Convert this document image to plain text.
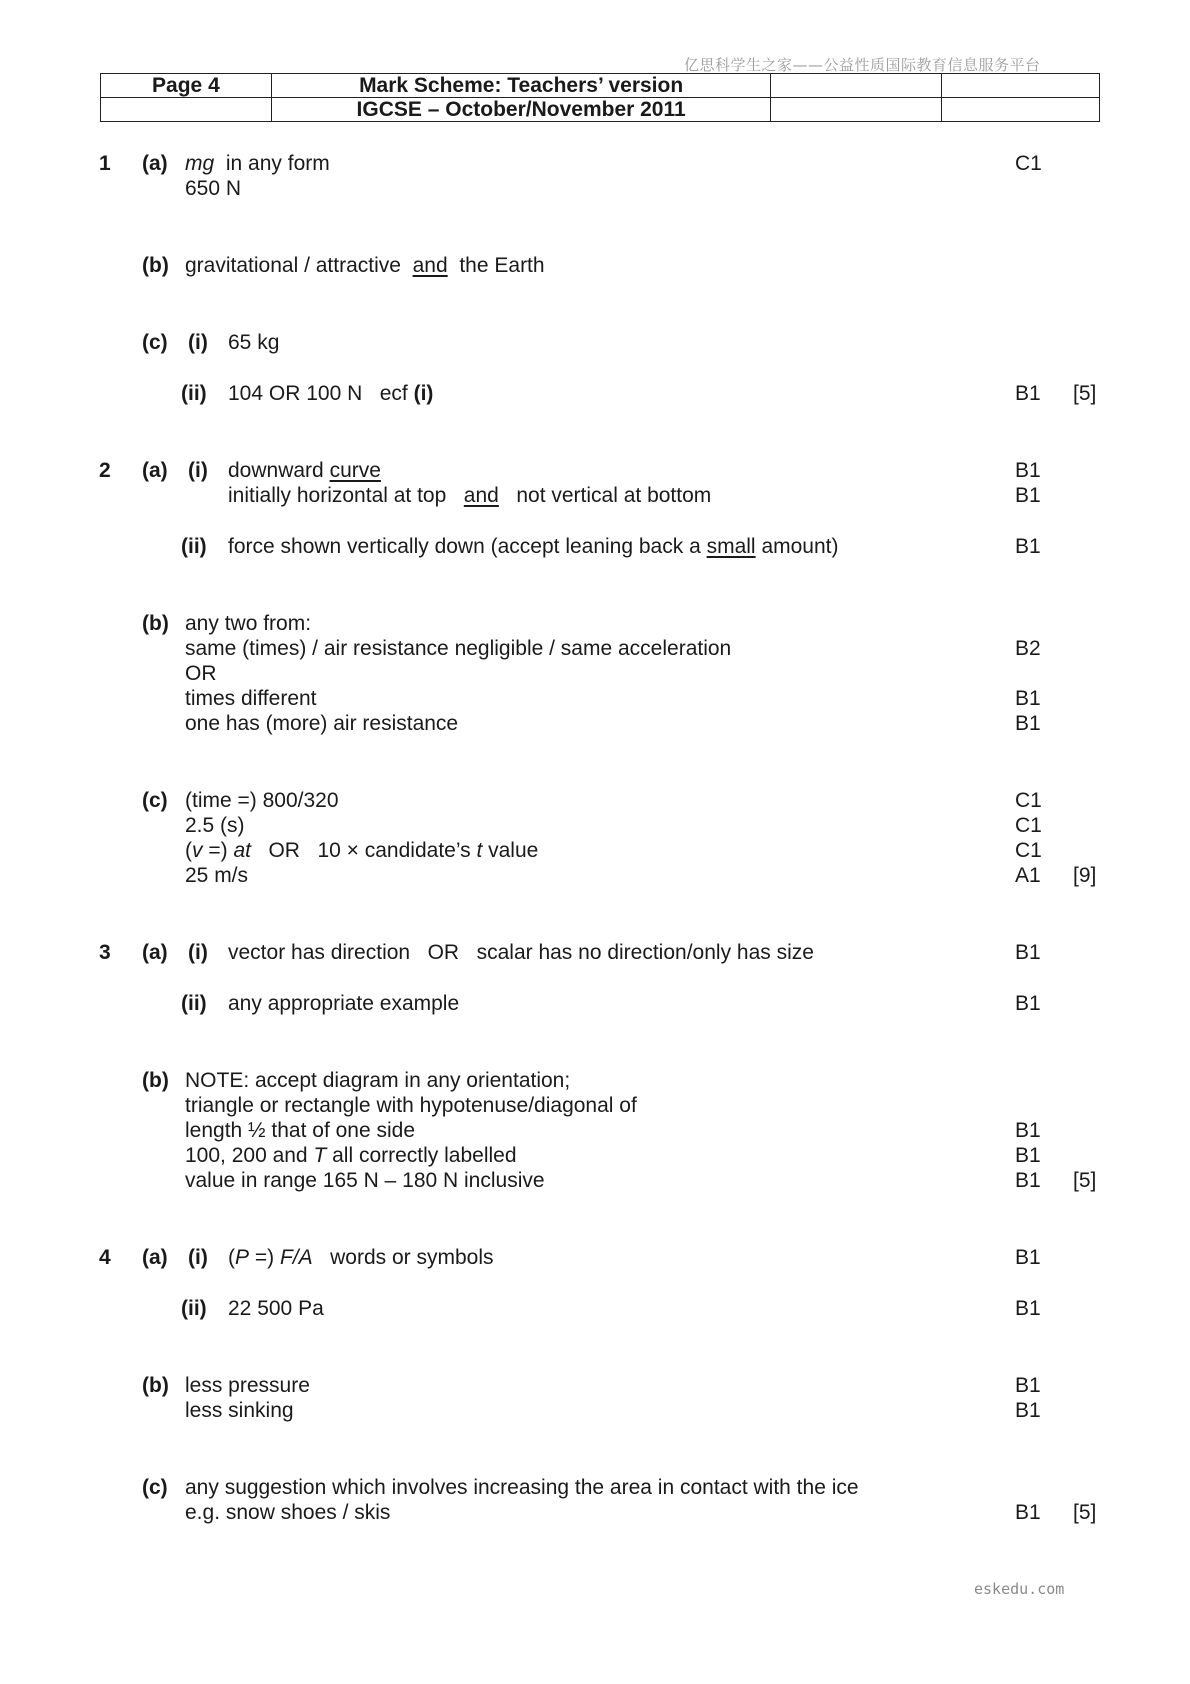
亿思科学生之家——公益性质国际教育信息服务平台
Page 4	Mark Scheme: Teachers’ version		
	IGCSE – October/November 2011		
1 (a) mg in any form	C1
650 N
(b) gravitational / attractive  and  the Earth
(c) (i) 65 kg
(ii) 104 OR 100 N   ecf (i)	B1 [5]
2 (a) (i) downward curve	B1
initially horizontal at top   and   not vertical at bottom	B1
(ii) force shown vertically down (accept leaning back a small amount)	B1
(b) any two from:
same (times) / air resistance negligible / same acceleration	B2
OR
times different	B1
one has (more) air resistance	B1
(c) (time =) 800/320	C1
2.5 (s)	C1
(v =) at   OR   10 × candidate’s t value	C1
25 m/s	A1 [9]
3 (a) (i) vector has direction   OR   scalar has no direction/only has size	B1
(ii) any appropriate example	B1
(b) NOTE: accept diagram in any orientation;
triangle or rectangle with hypotenuse/diagonal of
length ½ that of one side	B1
100, 200 and T all correctly labelled	B1
value in range 165 N – 180 N inclusive	B1 [5]
4 (a) (i) (P =) F/A   words or symbols	B1
(ii) 22 500 Pa	B1
(b) less pressure	B1
less sinking	B1
(c) any suggestion which involves increasing the area in contact with the ice
e.g. snow shoes / skis	B1 [5]
eskedu.com
